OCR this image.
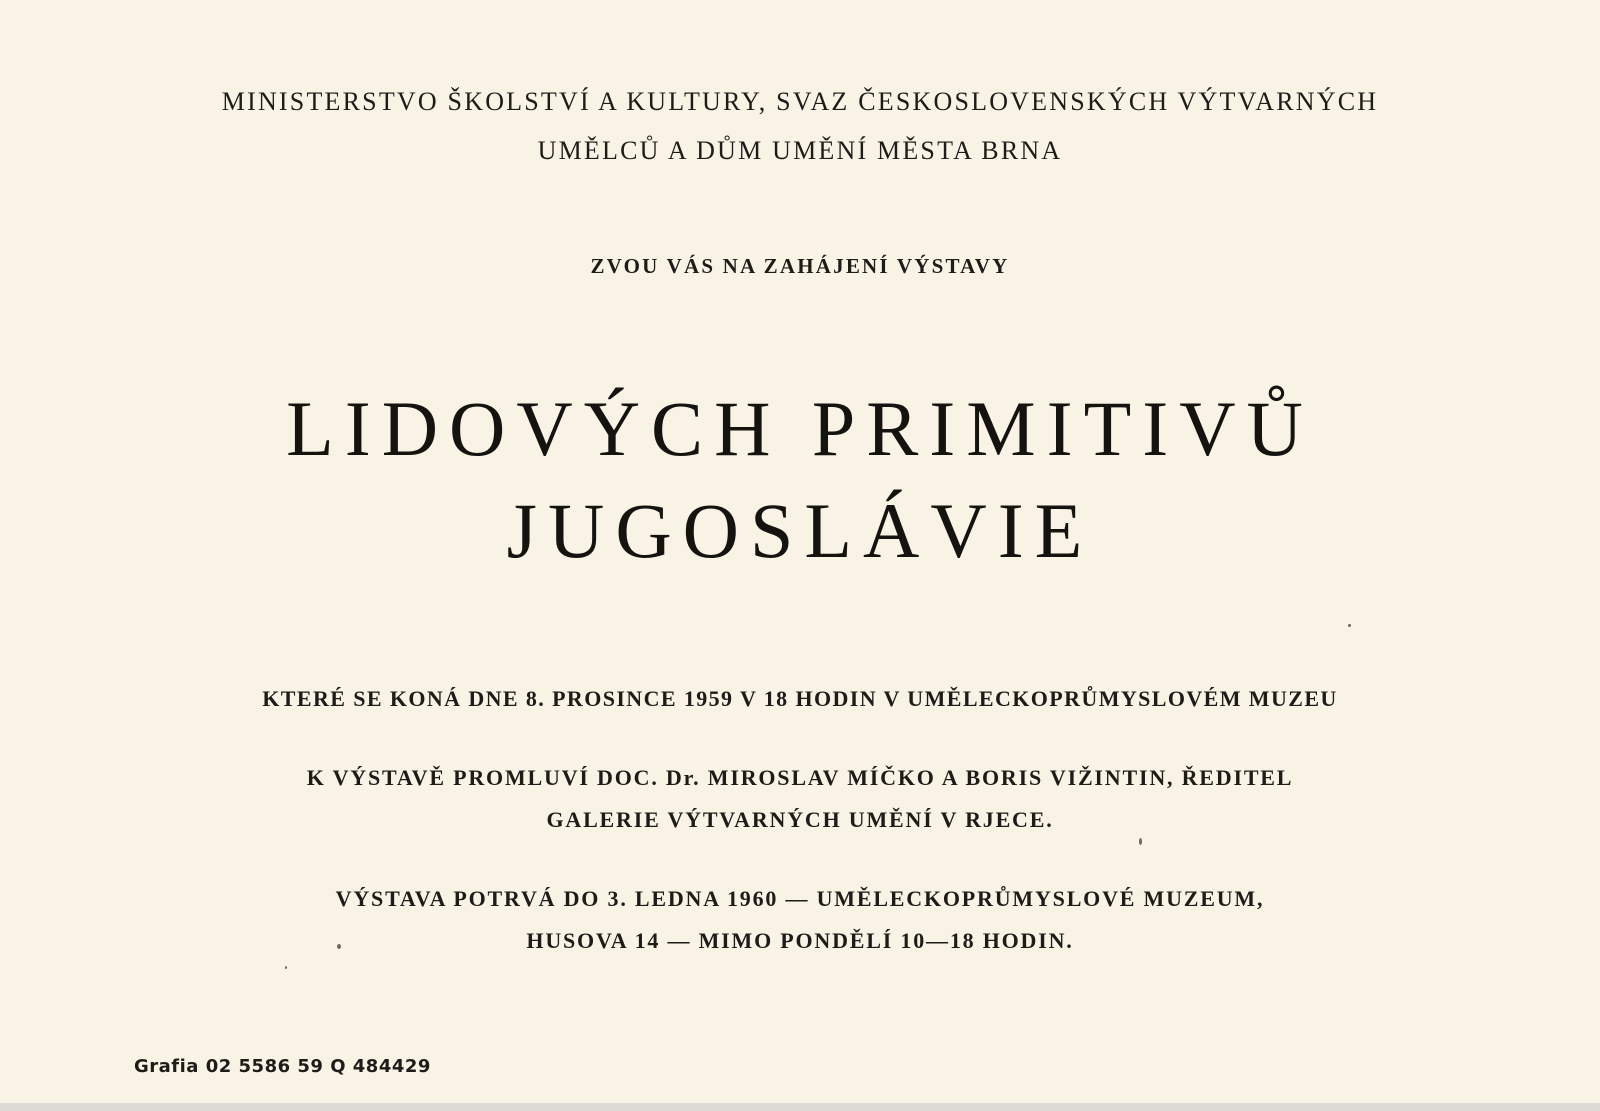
MINISTERSTVO ŠKOLSTVÍ A KULTURY, SVAZ ČESKOSLOVENSKÝCH VÝTVARNÝCH

UMĚLCŮ A DŮM UMĚNÍ MĚSTA BRNA

ZVOU VÁS NA ZAHÁJENÍ VÝSTAVY

LIDOVÝCH PRIMITIVŮ
JUGOSLÁVIE

KTERÉ SE KONÁ DNE 8. PROSINCE 1959 V 18 HODIN V UMĚLECKOPRŮMYSLOVÉM MUZEU

K VÝSTAVĚ PROMLUVÍ DOC. Dr. MIROSLAV MÍČKO A BORIS VIŽINTIN, ŘEDITEL

GALERIE VÝTVARNÝCH UMĚNÍ V RJECE.

VÝSTAVA POTRVÁ DO 3. LEDNA 1960 — UMĚLECKOPRŮMYSLOVÉ MUZEUM,

HUSOVA 14 — MIMO PONDĚLÍ 10—18 HODIN.

Grafia 02 5586 59 Q 484429
